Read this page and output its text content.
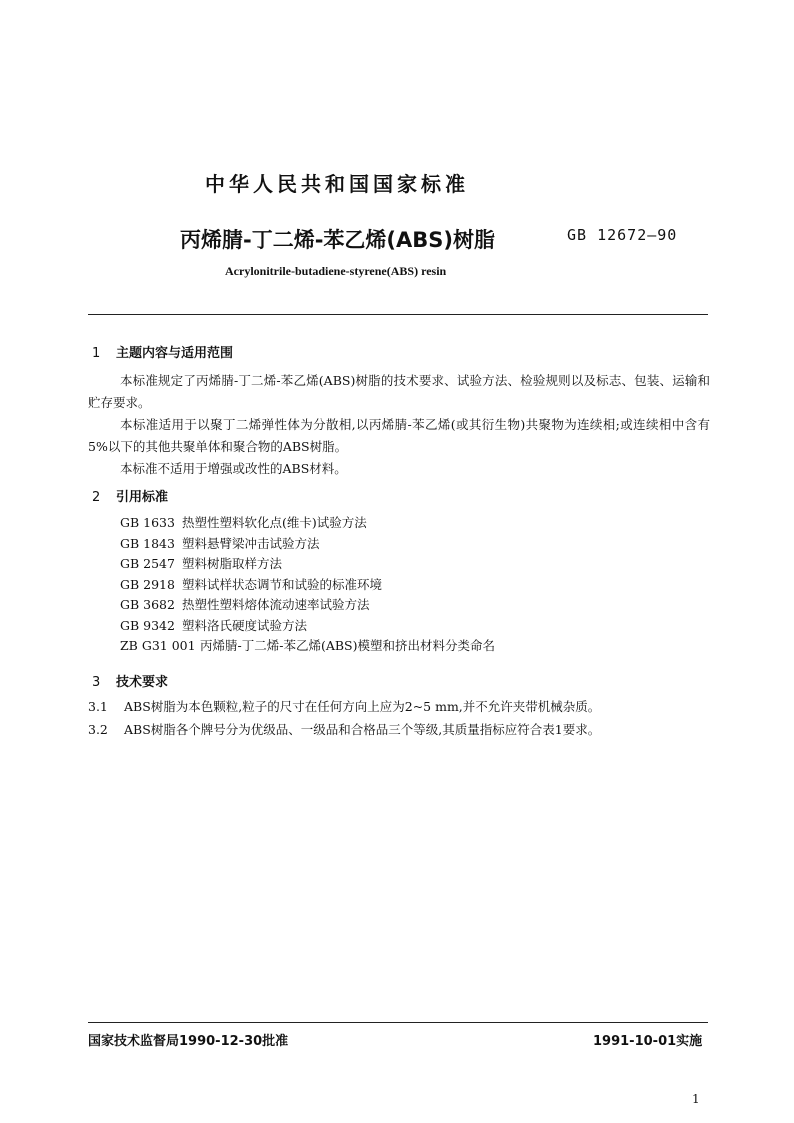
中华人民共和国国家标准
丙烯腈-丁二烯-苯乙烯(ABS)树脂	GB 12672—90
Acrylonitrile-butadiene-styrene(ABS) resin
1 主题内容与适用范围

本标准规定了丙烯腈-丁二烯-苯乙烯(ABS)树脂的技术要求、试验方法、检验规则以及标志、包装、运输和贮存要求。

本标准适用于以聚丁二烯弹性体为分散相,以丙烯腈-苯乙烯(或其衍生物)共聚物为连续相;或连续相中含有5%以下的其他共聚单体和聚合物的ABS树脂。

本标准不适用于增强或改性的ABS材料。

2 引用标准
GB 1633 热塑性塑料软化点(维卡)试验方法
GB 1843 塑料悬臂梁冲击试验方法
GB 2547 塑料树脂取样方法
GB 2918 塑料试样状态调节和试验的标准环境
GB 3682 热塑性塑料熔体流动速率试验方法
GB 9342 塑料洛氏硬度试验方法
ZB G31 001 丙烯腈-丁二烯-苯乙烯(ABS)模塑和挤出材料分类命名
3 技术要求
3.1 ABS树脂为本色颗粒,粒子的尺寸在任何方向上应为2~5 mm,并不允许夹带机械杂质。
3.2 ABS树脂各个牌号分为优级品、一级品和合格品三个等级,其质量指标应符合表1要求。
国家技术监督局1990-12-30批准	1991-10-01实施
1
